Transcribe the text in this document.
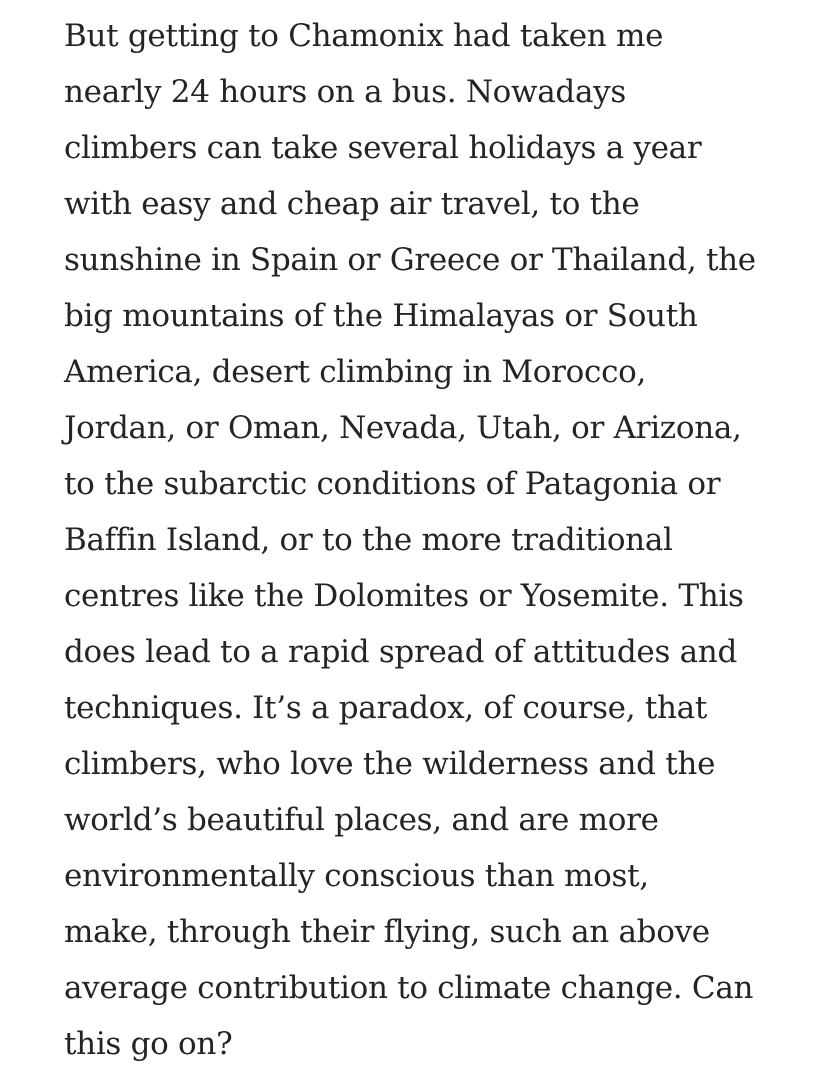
But getting to Chamonix had taken me
nearly 24 hours on a bus. Nowadays
climbers can take several holidays a year
with easy and cheap air travel, to the
sunshine in Spain or Greece or Thailand, the
big mountains of the Himalayas or South
America, desert climbing in Morocco,
Jordan, or Oman, Nevada, Utah, or Arizona,
to the subarctic conditions of Patagonia or
Baffin Island, or to the more traditional
centres like the Dolomites or Yosemite. This
does lead to a rapid spread of attitudes and
techniques. It’s a paradox, of course, that
climbers, who love the wilderness and the
world’s beautiful places, and are more
environmentally conscious than most,
make, through their flying, such an above
average contribution to climate change. Can
this go on?
